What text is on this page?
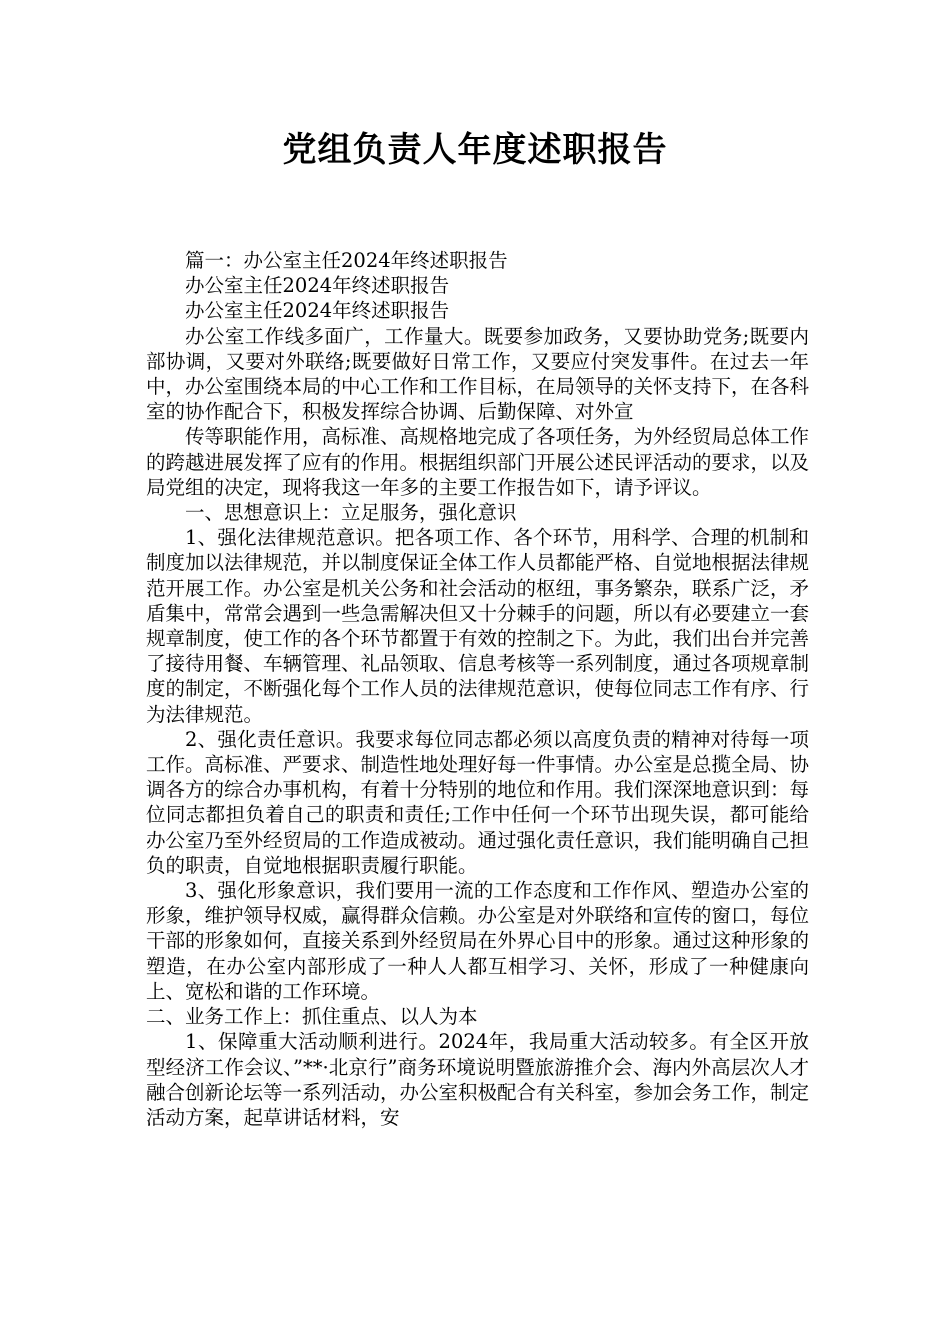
党组负责人年度述职报告

篇一：办公室主任2024年终述职报告

办公室主任2024年终述职报告

办公室主任2024年终述职报告

办公室工作线多面广，工作量大。既要参加政务，又要协助党务;既要内部协调，又要对外联络;既要做好日常工作，又要应付突发事件。在过去一年中，办公室围绕本局的中心工作和工作目标，在局领导的关怀支持下，在各科室的协作配合下，积极发挥综合协调、后勤保障、对外宣

传等职能作用，高标准、高规格地完成了各项任务，为外经贸局总体工作的跨越进展发挥了应有的作用。根据组织部门开展公述民评活动的要求，以及局党组的决定，现将我这一年多的主要工作报告如下，请予评议。

一、思想意识上：立足服务，强化意识

1、强化法律规范意识。把各项工作、各个环节，用科学、合理的机制和制度加以法律规范，并以制度保证全体工作人员都能严格、自觉地根据法律规范开展工作。办公室是机关公务和社会活动的枢纽，事务繁杂，联系广泛，矛盾集中，常常会遇到一些急需解决但又十分棘手的问题，所以有必要建立一套规章制度，使工作的各个环节都置于有效的控制之下。为此，我们出台并完善了接待用餐、车辆管理、礼品领取、信息考核等一系列制度，通过各项规章制度的制定，不断强化每个工作人员的法律规范意识，使每位同志工作有序、行为法律规范。

2、强化责任意识。我要求每位同志都必须以高度负责的精神对待每一项工作。高标准、严要求、制造性地处理好每一件事情。办公室是总揽全局、协调各方的综合办事机构，有着十分特别的地位和作用。我们深深地意识到：每位同志都担负着自己的职责和责任;工作中任何一个环节出现失误，都可能给办公室乃至外经贸局的工作造成被动。通过强化责任意识，我们能明确自己担负的职责，自觉地根据职责履行职能。

3、强化形象意识，我们要用一流的工作态度和工作作风、塑造办公室的形象，维护领导权威，赢得群众信赖。办公室是对外联络和宣传的窗口，每位干部的形象如何，直接关系到外经贸局在外界心目中的形象。通过这种形象的塑造，在办公室内部形成了一种人人都互相学习、关怀，形成了一种健康向上、宽松和谐的工作环境。

二、业务工作上：抓住重点、以人为本

1、保障重大活动顺利进行。2024年，我局重大活动较多。有全区开放型经济工作会议、”**·北京行”商务环境说明暨旅游推介会、海内外高层次人才融合创新论坛等一系列活动，办公室积极配合有关科室，参加会务工作，制定活动方案，起草讲话材料，安
